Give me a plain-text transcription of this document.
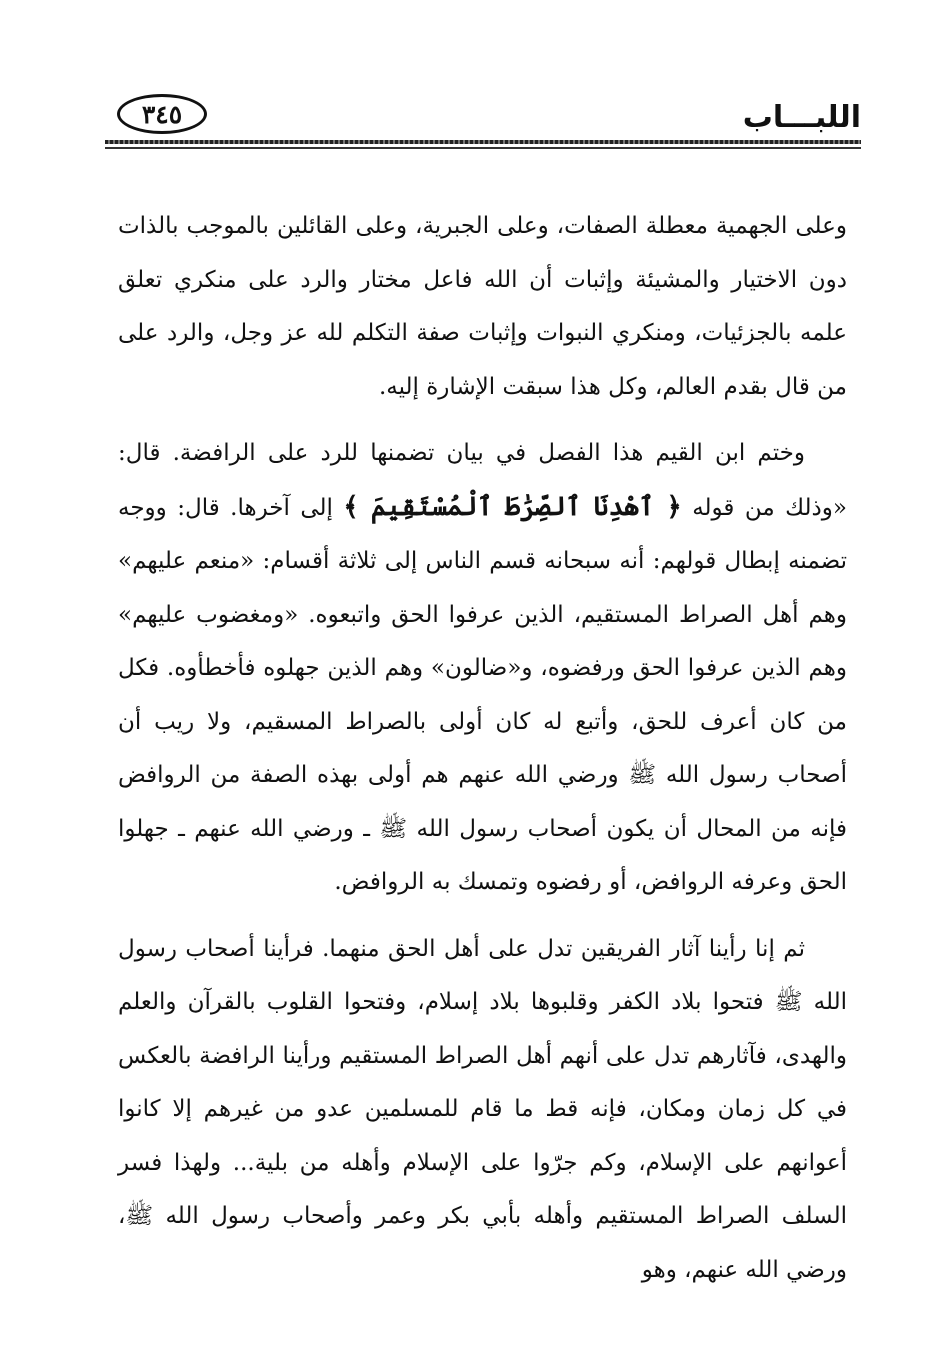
اللبـــاب
٣٤٥

وعلى الجهمية معطلة الصفات، وعلى الجبرية، وعلى القائلين بالموجب بالذات دون الاختيار والمشيئة وإثبات أن الله فاعل مختار والرد على منكري تعلق علمه بالجزئيات، ومنكري النبوات وإثبات صفة التكلم لله عز وجل، والرد على من قال بقدم العالم، وكل هذا سبقت الإشارة إليه.

وختم ابن القيم هذا الفصل في بيان تضمنها للرد على الرافضة. قال: «وذلك من قوله ﴿ ٱهْدِنَا ٱلصِّرَٰطَ ٱلْمُسْتَقِيمَ ﴾ إلى آخرها. قال: ووجه تضمنه إبطال قولهم: أنه سبحانه قسم الناس إلى ثلاثة أقسام: «منعم عليهم» وهم أهل الصراط المستقيم، الذين عرفوا الحق واتبعوه. «ومغضوب عليهم» وهم الذين عرفوا الحق ورفضوه، و«ضالون» وهم الذين جهلوه فأخطأوه. فكل من كان أعرف للحق، وأتبع له كان أولى بالصراط المسقيم، ولا ريب أن أصحاب رسول الله ﷺ ورضي الله عنهم هم أولى بهذه الصفة من الروافض فإنه من المحال أن يكون أصحاب رسول الله ﷺ ـ ورضي الله عنهم ـ جهلوا الحق وعرفه الروافض، أو رفضوه وتمسك به الروافض.

ثم إنا رأينا آثار الفريقين تدل على أهل الحق منهما. فرأينا أصحاب رسول الله ﷺ فتحوا بلاد الكفر وقلبوها بلاد إسلام، وفتحوا القلوب بالقرآن والعلم والهدى، فآثارهم تدل على أنهم أهل الصراط المستقيم ورأينا الرافضة بالعكس في كل زمان ومكان، فإنه قط ما قام للمسلمين عدو من غيرهم إلا كانوا أعوانهم على الإسلام، وكم جرّوا على الإسلام وأهله من بلية... ولهذا فسر السلف الصراط المستقيم وأهله بأبي بكر وعمر وأصحاب رسول الله ﷺ، ورضي الله عنهم، وهو
